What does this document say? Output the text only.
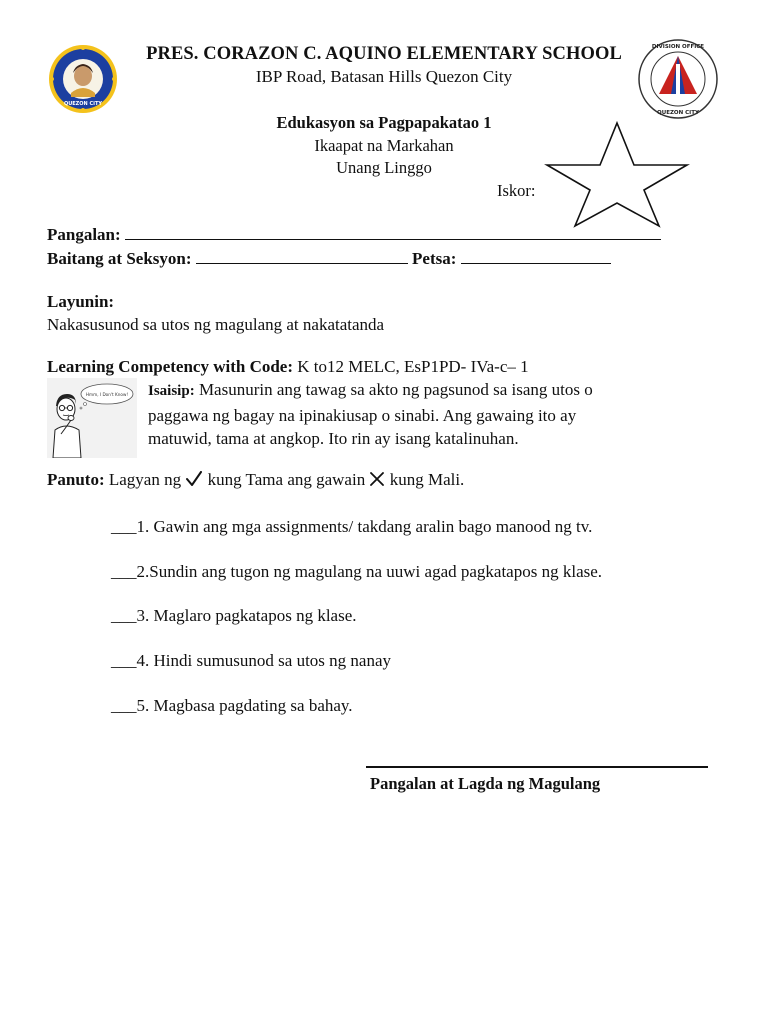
QUEZON CITY
QUEZON CITY
DIVISION OFFICE
PRES. CORAZON C. AQUINO ELEMENTARY SCHOOL
IBP Road, Batasan Hills Quezon City
Edukasyon sa Pagpapakatao 1
Ikaapat na Markahan
Unang Linggo
Iskor:
Pangalan:
Baitang at Seksyon:	Petsa:
Layunin:
Nakasusunod sa utos ng magulang at nakatatanda
Learning Competency with Code: K to12 MELC, EsP1PD- IVa-c– 1
Hmm, I Don't Know! Isaisip: Masunurin ang tawag sa akto ng pagsunod sa isang utos o
paggawa ng bagay na ipinakiusap o sinabi. Ang gawaing ito ay
matuwid, tama at angkop. Ito rin ay isang katalinuhan.
Panuto: Lagyan ng kung Tama ang gawain kung Mali.
___1. Gawin ang mga assignments/ takdang aralin bago manood ng tv.
___2.Sundin ang tugon ng magulang na uuwi agad pagkatapos ng klase.
___3. Maglaro pagkatapos ng klase.
___4. Hindi sumusunod sa utos ng nanay
___5. Magbasa pagdating sa bahay.
Pangalan at Lagda ng Magulang
